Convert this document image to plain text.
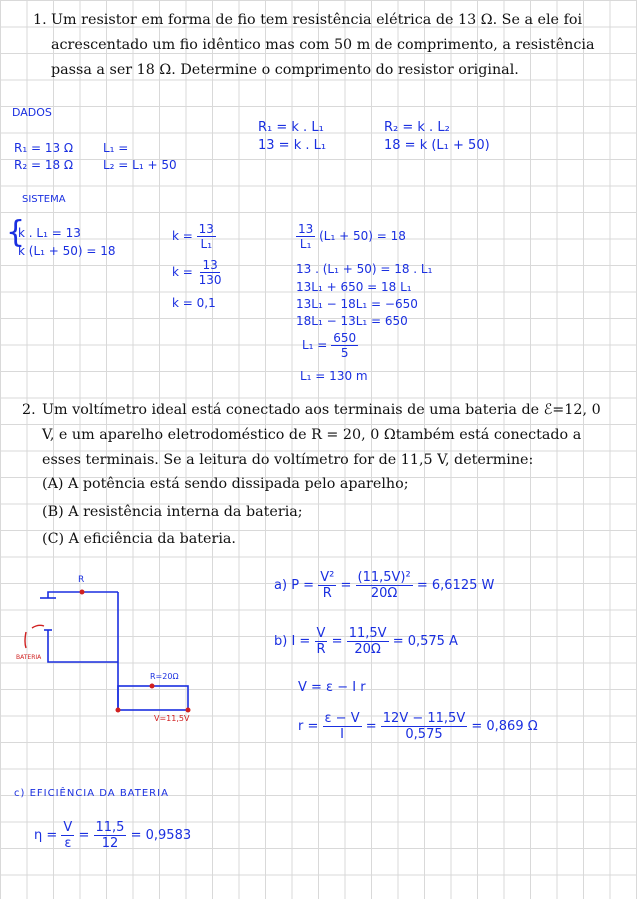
1. Um resistor em forma de fio tem resistência elétrica de 13 Ω. Se a ele foi acrescentado um fio idêntico mas com 50 m de comprimento, a resistência passa a ser 18 Ω. Determine o comprimento do resistor original.
DADOS
R₁ = 13 Ω
R₂ = 18 Ω
L₁ =
L₂ = L₁ + 50
R₁ = k . L₁
13 = k . L₁
R₂ = k . L₂
18 = k (L₁ + 50)
SISTEMA
{
k . L₁ = 13
k (L₁ + 50) = 18
$k = \frac{13}{\text{L₁}}$
$k = \frac{13}{130}$
k = 0,1
$\frac{13}{\text{L₁}} (L_1 + 50) = 18$
13 . (L₁ + 50) = 18 . L₁
13L₁ + 650 = 18 L₁
13L₁ − 18L₁ = −650
18L₁ − 13L₁ = 650
$L_1 = \frac{650}{5}$
L₁ = 130 m
2. Um voltímetro ideal está conectado aos terminais de uma bateria de ℰ=12, 0 V, e um aparelho eletrodoméstico de R = 20, 0 Ωtambém está conectado a esses terminais. Se a leitura do voltímetro for de 11,5 V, determine:
(A) A potência está sendo dissipada pelo aparelho;
(B) A resistência interna da bateria;
(C) A eficiência da bateria.
R
BATERIA
R=20Ω
V=11,5V
a) $P = \frac{\text{V²}}{R} = \frac{\text{(11,5V)²}}{20\Omega} = 6,6125$ W
b) $I = \frac{V}{R} = \frac{11,5V}{20\Omega} = 0,575$ A
V = ε − I r
$r = \frac{\varepsilon - V}{I} = \frac{12V - 11,5V}{0,575} = 0,869$ Ω
c) EFICIÊNCIA DA BATERIA
$\eta = \frac{V}{\varepsilon} = \frac{11,5}{12} = 0,9583$
